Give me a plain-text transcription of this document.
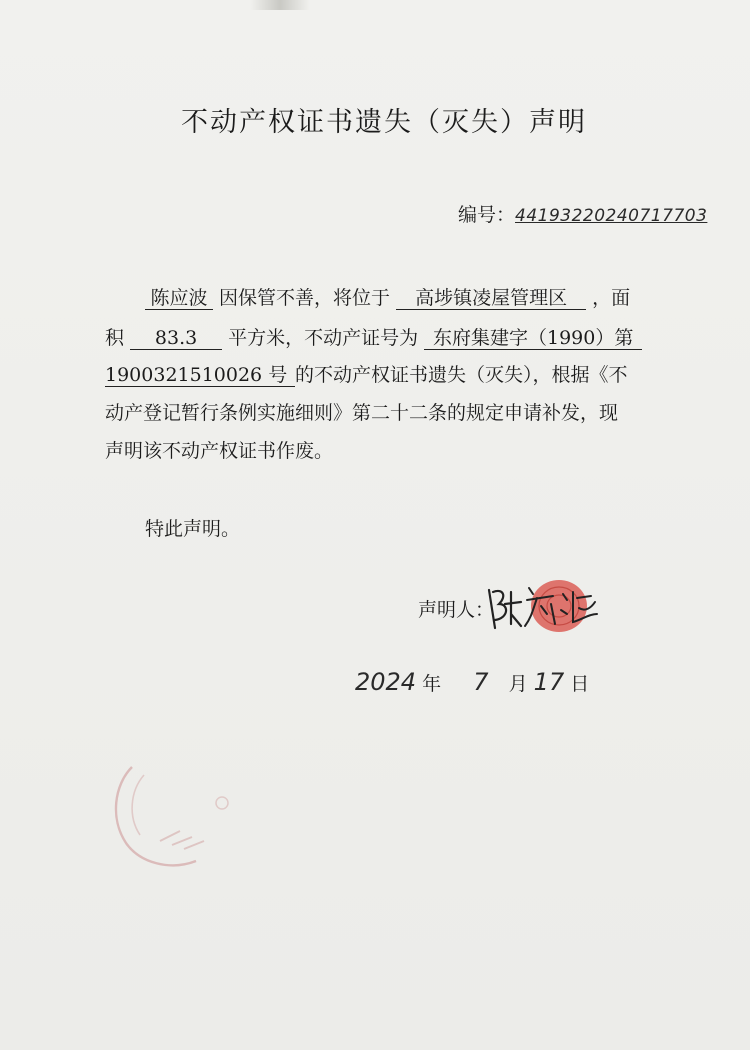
不动产权证书遗失（灭失）声明
编号：44193220240717703
陈应波 因保管不善，将位于 高埗镇凌屋管理区 ，面
积 83.3 平方米，不动产证号为 东府集建字（1990）第
1900321510026 号 的不动产权证书遗失（灭失），根据《不
动产登记暂行条例实施细则》第二十二条的规定申请补发，现
声明该不动产权证书作废。
特此声明。
声明人：
2024 年 7 月 17 日
